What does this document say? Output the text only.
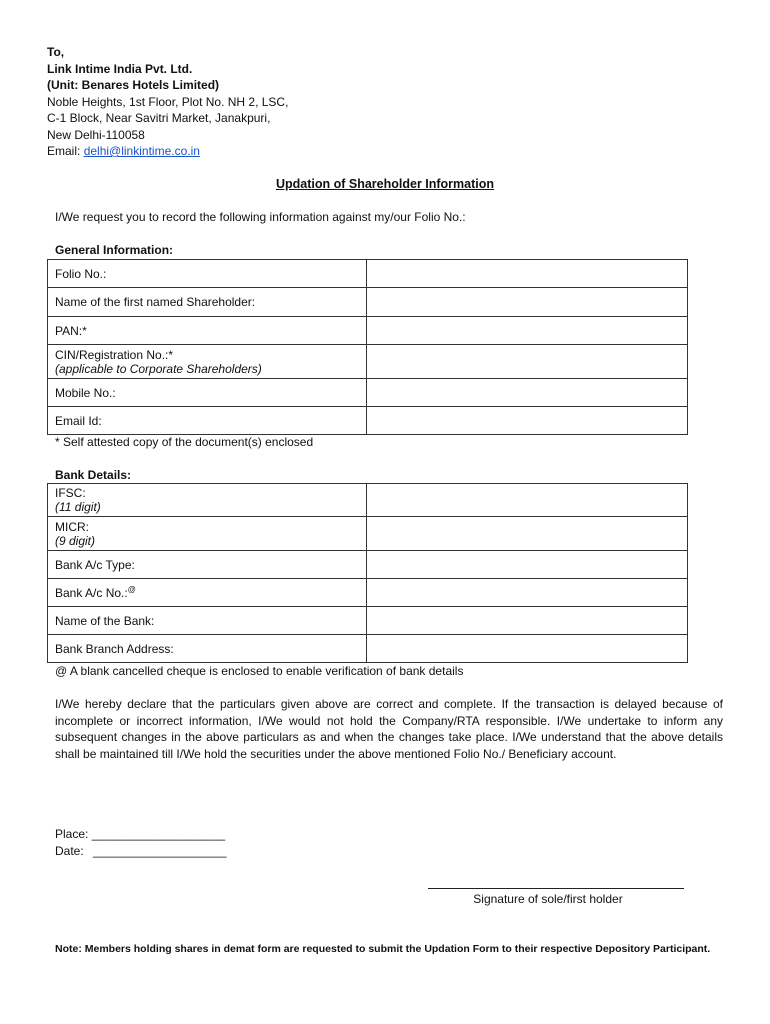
To,
Link Intime India Pvt. Ltd.
(Unit: Benares Hotels Limited)
Noble Heights, 1st Floor, Plot No. NH 2, LSC,
C-1 Block, Near Savitri Market, Janakpuri,
New Delhi-110058
Email: delhi@linkintime.co.in
Updation of Shareholder Information
I/We request you to record the following information against my/our Folio No.:
General Information:
Folio No.:	
Name of the first named Shareholder:	
PAN:*	

CIN/Registration No.:*
(applicable to Corporate Shareholders)	

Mobile No.:	
Email Id:	
* Self attested copy of the document(s) enclosed
Bank Details:
IFSC:
(11 digit)	

MICR:
(9 digit)	

Bank A/c Type:	
Bank A/c No.:@	
Name of the Bank:	
Bank Branch Address:	
@ A blank cancelled cheque is enclosed to enable verification of bank details
I/We hereby declare that the particulars given above are correct and complete. If the transaction is delayed because of incomplete or incorrect information, I/We would not hold the Company/RTA responsible. I/We undertake to inform any subsequent changes in the above particulars as and when the changes take place. I/We understand that the above details shall be maintained till I/We hold the securities under the above mentioned Folio No./ Beneficiary account.
Place: ____________________
Date: ____________________
Signature of sole/first holder
Note: Members holding shares in demat form are requested to submit the Updation Form to their respective Depository Participant.
